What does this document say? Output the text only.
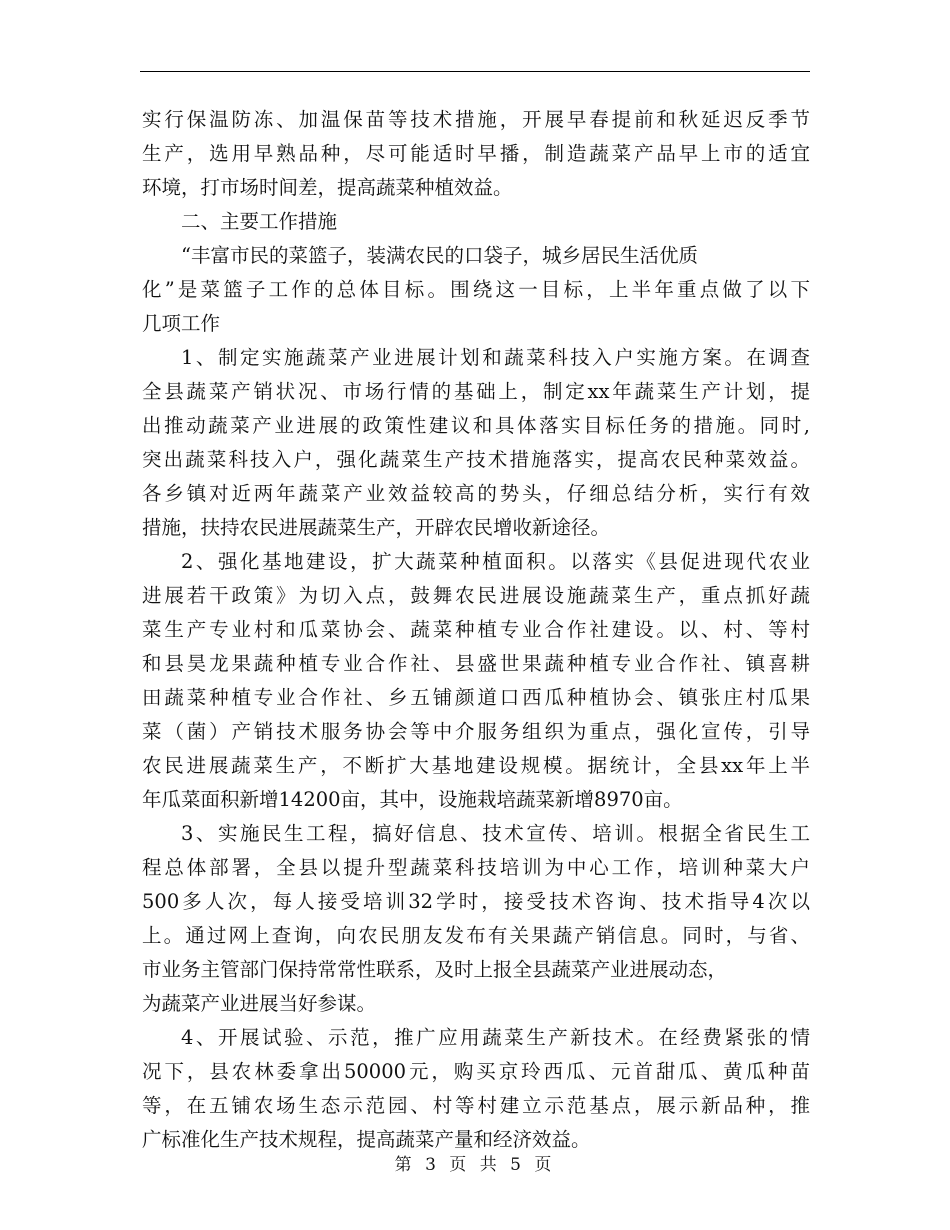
实行保温防冻、加温保苗等技术措施，开展早春提前和秋延迟反季节
生产，选用早熟品种，尽可能适时早播，制造蔬菜产品早上市的适宜
环境，打市场时间差，提高蔬菜种植效益。
二、主要工作措施
“丰富市民的菜篮子，装满农民的口袋子，城乡居民生活优质
化”是菜篮子工作的总体目标。围绕这一目标，上半年重点做了以下
几项工作
1、制定实施蔬菜产业进展计划和蔬菜科技入户实施方案。在调查
全县蔬菜产销状况、市场行情的基础上，制定xx年蔬菜生产计划，提
出推动蔬菜产业进展的政策性建议和具体落实目标任务的措施。同时,
突出蔬菜科技入户，强化蔬菜生产技术措施落实，提高农民种菜效益。
各乡镇对近两年蔬菜产业效益较高的势头，仔细总结分析，实行有效
措施，扶持农民进展蔬菜生产，开辟农民增收新途径。
2、强化基地建设，扩大蔬菜种植面积。以落实《县促进现代农业
进展若干政策》为切入点，鼓舞农民进展设施蔬菜生产，重点抓好蔬
菜生产专业村和瓜菜协会、蔬菜种植专业合作社建设。以、村、等村
和县昊龙果蔬种植专业合作社、县盛世果蔬种植专业合作社、镇喜耕
田蔬菜种植专业合作社、乡五铺颜道口西瓜种植协会、镇张庄村瓜果
菜（菌）产销技术服务协会等中介服务组织为重点，强化宣传，引导
农民进展蔬菜生产，不断扩大基地建设规模。据统计，全县xx年上半
年瓜菜面积新增14200亩，其中，设施栽培蔬菜新增8970亩。
3、实施民生工程，搞好信息、技术宣传、培训。根据全省民生工
程总体部署，全县以提升型蔬菜科技培训为中心工作，培训种菜大户
500多人次，每人接受培训32学时，接受技术咨询、技术指导4次以
上。通过网上查询，向农民朋友发布有关果蔬产销信息。同时，与省、
市业务主管部门保持常常性联系，及时上报全县蔬菜产业进展动态，
为蔬菜产业进展当好参谋。
4、开展试验、示范，推广应用蔬菜生产新技术。在经费紧张的情
况下，县农林委拿出50000元，购买京玲西瓜、元首甜瓜、黄瓜种苗
等，在五铺农场生态示范园、村等村建立示范基点，展示新品种，推
广标准化生产技术规程，提高蔬菜产量和经济效益。
第 3 页 共 5 页
